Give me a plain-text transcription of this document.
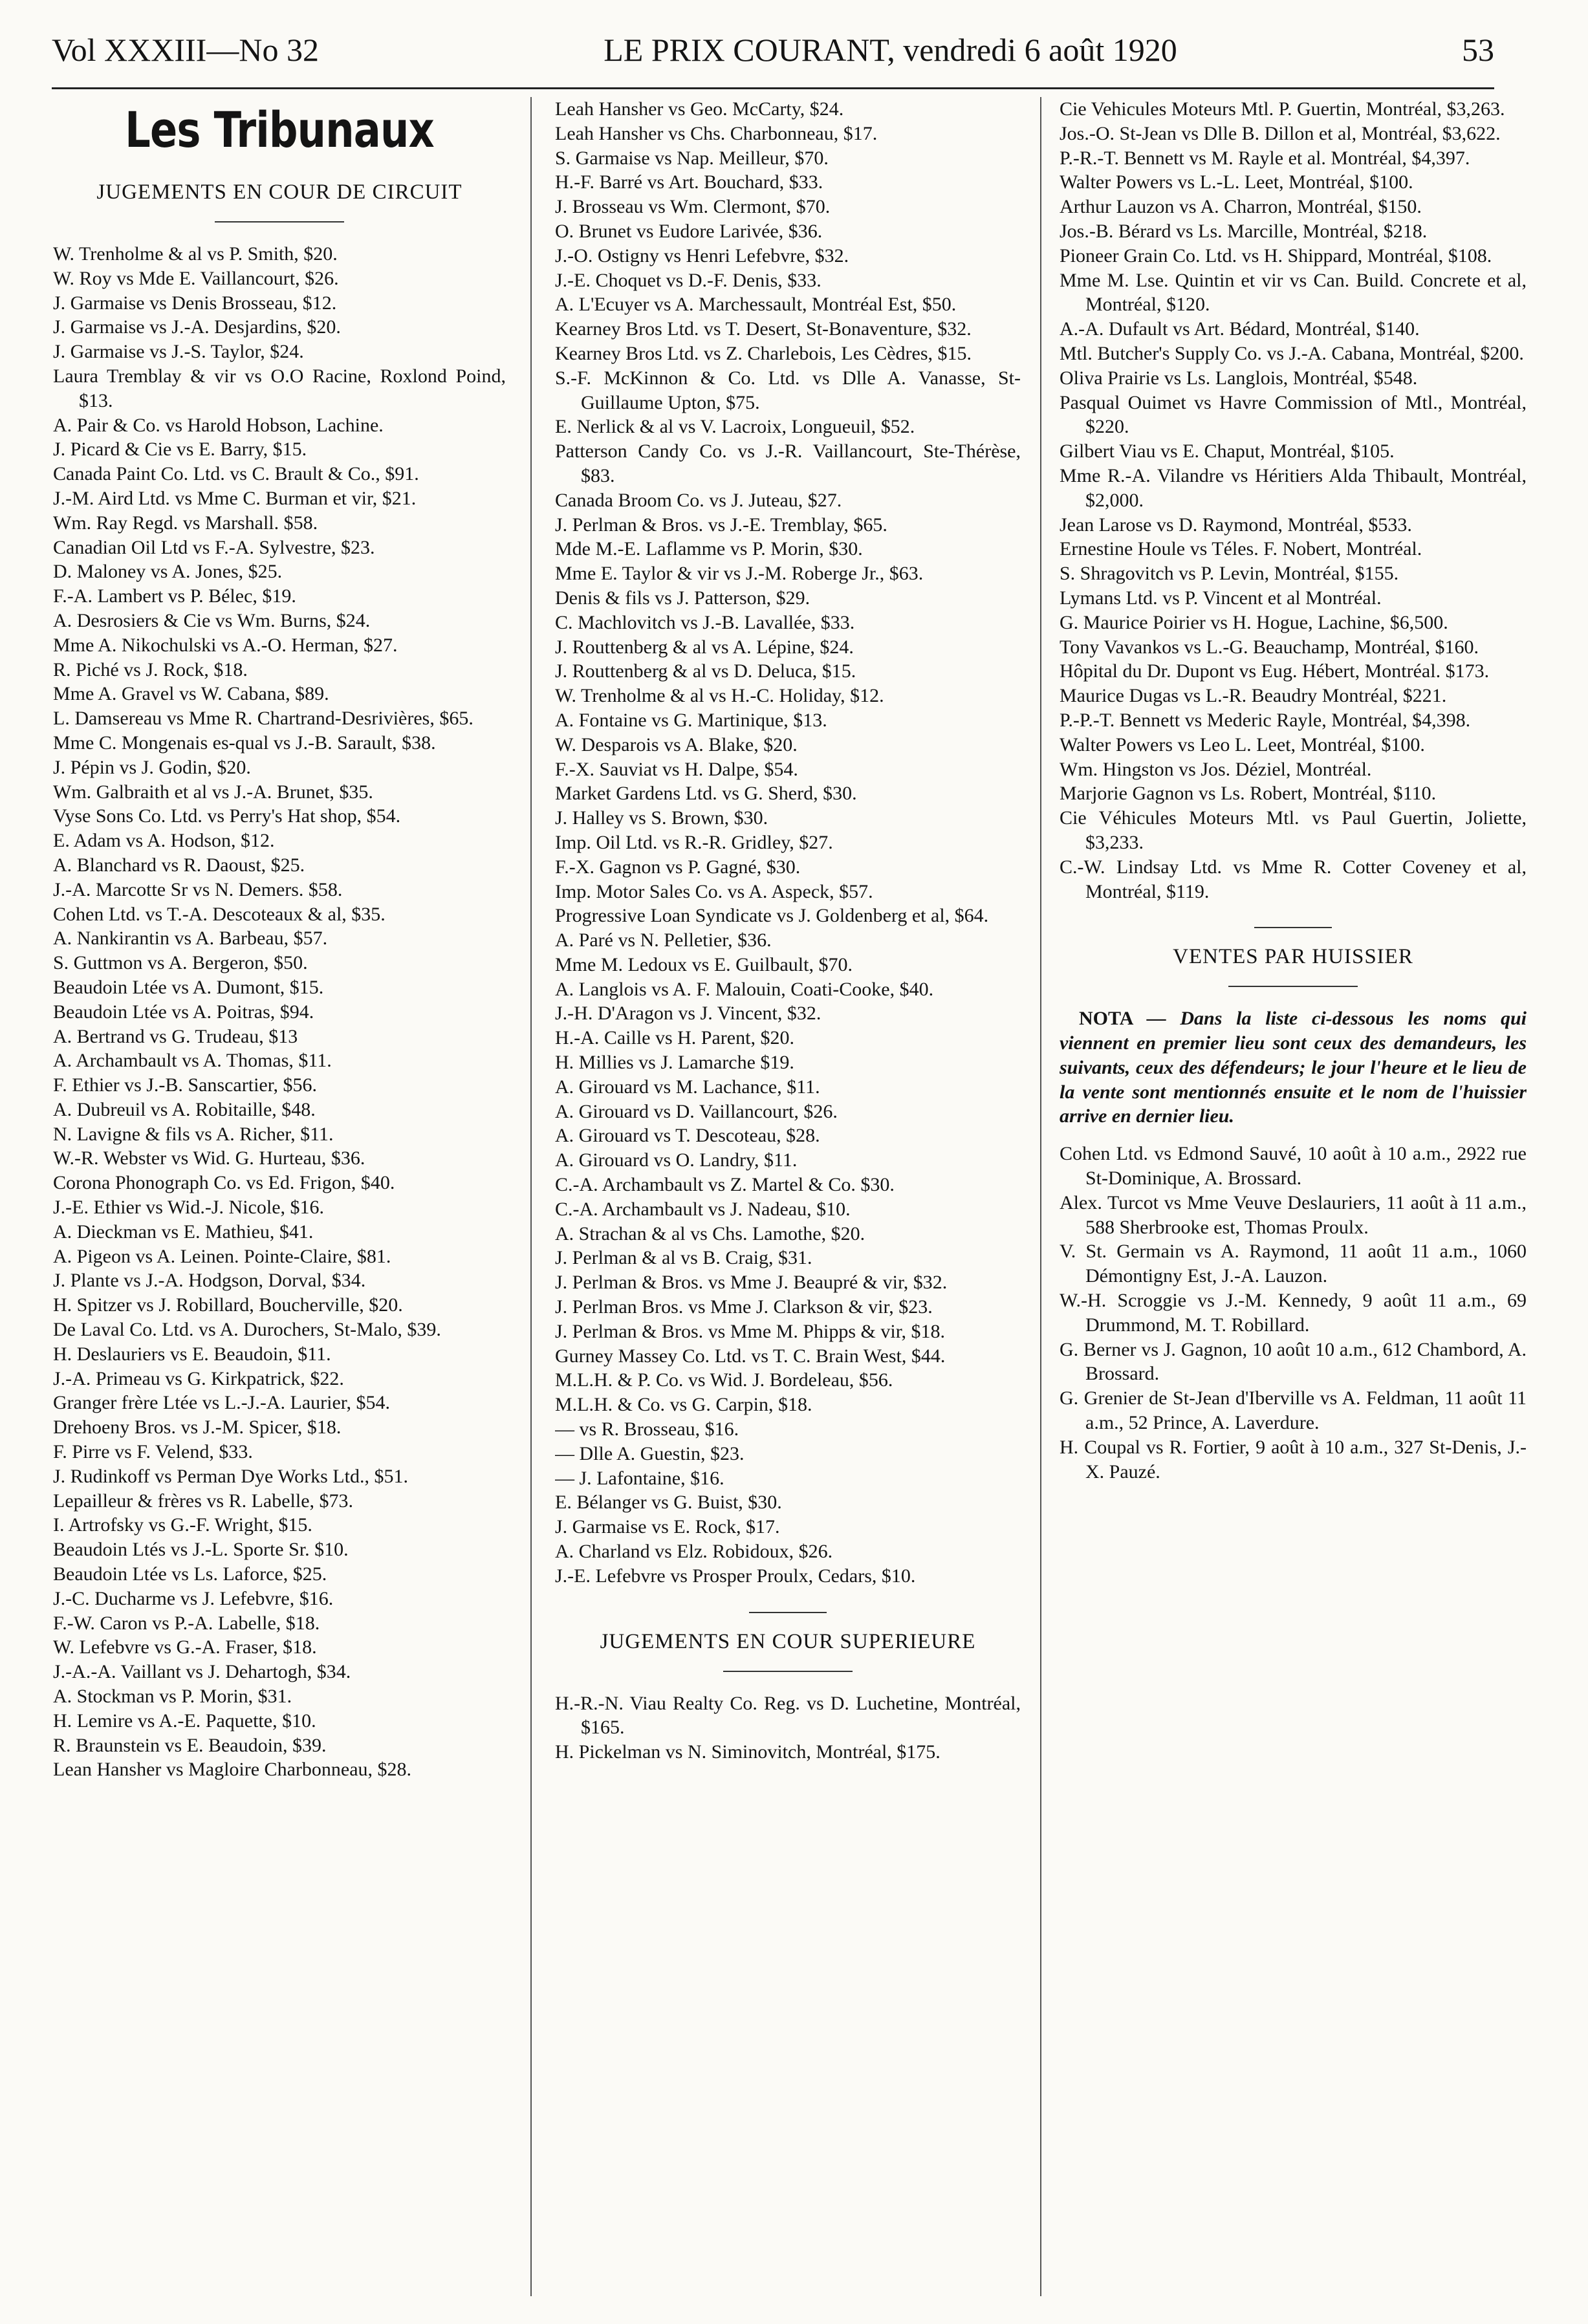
Vol XXXIII—No 32	LE PRIX COURANT, vendredi 6 août 1920	53
Les Tribunaux
JUGEMENTS EN COUR DE CIRCUIT

W. Trenholme & al vs P. Smith, $20.

W. Roy vs Mde E. Vaillancourt, $26.

J. Garmaise vs Denis Brosseau, $12.

J. Garmaise vs J.-A. Desjardins, $20.

J. Garmaise vs J.-S. Taylor, $24.

Laura Tremblay & vir vs O.O Racine, Roxlond Poind, $13.

A. Pair & Co. vs Harold Hobson, Lachine.

J. Picard & Cie vs E. Barry, $15.

Canada Paint Co. Ltd. vs C. Brault & Co., $91.

J.-M. Aird Ltd. vs Mme C. Burman et vir, $21.

Wm. Ray Regd. vs Marshall. $58.

Canadian Oil Ltd vs F.-A. Sylvestre, $23.

D. Maloney vs A. Jones, $25.

F.-A. Lambert vs P. Bélec, $19.

A. Desrosiers & Cie vs Wm. Burns, $24.

Mme A. Nikochulski vs A.-O. Herman, $27.

R. Piché vs J. Rock, $18.

Mme A. Gravel vs W. Cabana, $89.

L. Damsereau vs Mme R. Chartrand-Desrivières, $65.

Mme C. Mongenais es-qual vs J.-B. Sarault, $38.

J. Pépin vs J. Godin, $20.

Wm. Galbraith et al vs J.-A. Brunet, $35.

Vyse Sons Co. Ltd. vs Perry's Hat shop, $54.

E. Adam vs A. Hodson, $12.

A. Blanchard vs R. Daoust, $25.

J.-A. Marcotte Sr vs N. Demers. $58.

Cohen Ltd. vs T.-A. Descoteaux & al, $35.

A. Nankirantin vs A. Barbeau, $57.

S. Guttmon vs A. Bergeron, $50.

Beaudoin Ltée vs A. Dumont, $15.

Beaudoin Ltée vs A. Poitras, $94.

A. Bertrand vs G. Trudeau, $13

A. Archambault vs A. Thomas, $11.

F. Ethier vs J.-B. Sanscartier, $56.

A. Dubreuil vs A. Robitaille, $48.

N. Lavigne & fils vs A. Richer, $11.

W.-R. Webster vs Wid. G. Hurteau, $36.

Corona Phonograph Co. vs Ed. Frigon, $40.

J.-E. Ethier vs Wid.-J. Nicole, $16.

A. Dieckman vs E. Mathieu, $41.

A. Pigeon vs A. Leinen. Pointe-Claire, $81.

J. Plante vs J.-A. Hodgson, Dorval, $34.

H. Spitzer vs J. Robillard, Boucherville, $20.

De Laval Co. Ltd. vs A. Durochers, St-Malo, $39.

H. Deslauriers vs E. Beaudoin, $11.

J.-A. Primeau vs G. Kirkpatrick, $22.

Granger frère Ltée vs L.-J.-A. Laurier, $54.

Drehoeny Bros. vs J.-M. Spicer, $18.

F. Pirre vs F. Velend, $33.

J. Rudinkoff vs Perman Dye Works Ltd., $51.

Lepailleur & frères vs R. Labelle, $73.

I. Artrofsky vs G.-F. Wright, $15.

Beaudoin Ltés vs J.-L. Sporte Sr. $10.

Beaudoin Ltée vs Ls. Laforce, $25.

J.-C. Ducharme vs J. Lefebvre, $16.

F.-W. Caron vs P.-A. Labelle, $18.

W. Lefebvre vs G.-A. Fraser, $18.

J.-A.-A. Vaillant vs J. Dehartogh, $34.

A. Stockman vs P. Morin, $31.

H. Lemire vs A.-E. Paquette, $10.

R. Braunstein vs E. Beaudoin, $39.

Lean Hansher vs Magloire Charbonneau, $28.

Leah Hansher vs Geo. McCarty, $24.

Leah Hansher vs Chs. Charbonneau, $17.

S. Garmaise vs Nap. Meilleur, $70.

H.-F. Barré vs Art. Bouchard, $33.

J. Brosseau vs Wm. Clermont, $70.

O. Brunet vs Eudore Larivée, $36.

J.-O. Ostigny vs Henri Lefebvre, $32.

J.-E. Choquet vs D.-F. Denis, $33.

A. L'Ecuyer vs A. Marchessault, Montréal Est, $50.

Kearney Bros Ltd. vs T. Desert, St-Bonaventure, $32.

Kearney Bros Ltd. vs Z. Charlebois, Les Cèdres, $15.

S.-F. McKinnon & Co. Ltd. vs Dlle A. Vanasse, St-Guillaume Upton, $75.

E. Nerlick & al vs V. Lacroix, Longueuil, $52.

Patterson Candy Co. vs J.-R. Vaillancourt, Ste-Thérèse, $83.

Canada Broom Co. vs J. Juteau, $27.

J. Perlman & Bros. vs J.-E. Tremblay, $65.

Mde M.-E. Laflamme vs P. Morin, $30.

Mme E. Taylor & vir vs J.-M. Roberge Jr., $63.

Denis & fils vs J. Patterson, $29.

C. Machlovitch vs J.-B. Lavallée, $33.

J. Routtenberg & al vs A. Lépine, $24.

J. Routtenberg & al vs D. Deluca, $15.

W. Trenholme & al vs H.-C. Holiday, $12.

A. Fontaine vs G. Martinique, $13.

W. Desparois vs A. Blake, $20.

F.-X. Sauviat vs H. Dalpe, $54.

Market Gardens Ltd. vs G. Sherd, $30.

J. Halley vs S. Brown, $30.

Imp. Oil Ltd. vs R.-R. Gridley, $27.

F.-X. Gagnon vs P. Gagné, $30.

Imp. Motor Sales Co. vs A. Aspeck, $57.

Progressive Loan Syndicate vs J. Goldenberg et al, $64.

A. Paré vs N. Pelletier, $36.

Mme M. Ledoux vs E. Guilbault, $70.

A. Langlois vs A. F. Malouin, Coati-Cooke, $40.

J.-H. D'Aragon vs J. Vincent, $32.

H.-A. Caille vs H. Parent, $20.

H. Millies vs J. Lamarche $19.

A. Girouard vs M. Lachance, $11.

A. Girouard vs D. Vaillancourt, $26.

A. Girouard vs T. Descoteau, $28.

A. Girouard vs O. Landry, $11.

C.-A. Archambault vs Z. Martel & Co. $30.

C.-A. Archambault vs J. Nadeau, $10.

A. Strachan & al vs Chs. Lamothe, $20.

J. Perlman & al vs B. Craig, $31.

J. Perlman & Bros. vs Mme J. Beaupré & vir, $32.

J. Perlman Bros. vs Mme J. Clarkson & vir, $23.

J. Perlman & Bros. vs Mme M. Phipps & vir, $18.

Gurney Massey Co. Ltd. vs T. C. Brain West, $44.

M.L.H. & P. Co. vs Wid. J. Bordeleau, $56.

M.L.H. & Co. vs G. Carpin, $18.

— vs R. Brosseau, $16.

— Dlle A. Guestin, $23.

— J. Lafontaine, $16.

E. Bélanger vs G. Buist, $30.

J. Garmaise vs E. Rock, $17.

A. Charland vs Elz. Robidoux, $26.

J.-E. Lefebvre vs Prosper Proulx, Cedars, $10.

JUGEMENTS EN COUR SUPERIEURE

H.-R.-N. Viau Realty Co. Reg. vs D. Luchetine, Montréal, $165.

H. Pickelman vs N. Siminovitch, Montréal, $175.

Cie Vehicules Moteurs Mtl. P. Guertin, Montréal, $3,263.

Jos.-O. St-Jean vs Dlle B. Dillon et al, Montréal, $3,622.

P.-R.-T. Bennett vs M. Rayle et al. Montréal, $4,397.

Walter Powers vs L.-L. Leet, Montréal, $100.

Arthur Lauzon vs A. Charron, Montréal, $150.

Jos.-B. Bérard vs Ls. Marcille, Montréal, $218.

Pioneer Grain Co. Ltd. vs H. Shippard, Montréal, $108.

Mme M. Lse. Quintin et vir vs Can. Build. Concrete et al, Montréal, $120.

A.-A. Dufault vs Art. Bédard, Montréal, $140.

Mtl. Butcher's Supply Co. vs J.-A. Cabana, Montréal, $200.

Oliva Prairie vs Ls. Langlois, Montréal, $548.

Pasqual Ouimet vs Havre Commission of Mtl., Montréal, $220.

Gilbert Viau vs E. Chaput, Montréal, $105.

Mme R.-A. Vilandre vs Héritiers Alda Thibault, Montréal, $2,000.

Jean Larose vs D. Raymond, Montréal, $533.

Ernestine Houle vs Téles. F. Nobert, Montréal.

S. Shragovitch vs P. Levin, Montréal, $155.

Lymans Ltd. vs P. Vincent et al Montréal.

G. Maurice Poirier vs H. Hogue, Lachine, $6,500.

Tony Vavankos vs L.-G. Beauchamp, Montréal, $160.

Hôpital du Dr. Dupont vs Eug. Hébert, Montréal. $173.

Maurice Dugas vs L.-R. Beaudry Montréal, $221.

P.-P.-T. Bennett vs Mederic Rayle, Montréal, $4,398.

Walter Powers vs Leo L. Leet, Montréal, $100.

Wm. Hingston vs Jos. Déziel, Montréal.

Marjorie Gagnon vs Ls. Robert, Montréal, $110.

Cie Véhicules Moteurs Mtl. vs Paul Guertin, Joliette, $3,233.

C.-W. Lindsay Ltd. vs Mme R. Cotter Coveney et al, Montréal, $119.

VENTES PAR HUISSIER

NOTA — Dans la liste ci-dessous les noms qui viennent en premier lieu sont ceux des demandeurs, les suivants, ceux des défendeurs; le jour l'heure et le lieu de la vente sont mentionnés ensuite et le nom de l'huissier arrive en dernier lieu.

Cohen Ltd. vs Edmond Sauvé, 10 août à 10 a.m., 2922 rue St-Dominique, A. Brossard.

Alex. Turcot vs Mme Veuve Deslauriers, 11 août à 11 a.m., 588 Sherbrooke est, Thomas Proulx.

V. St. Germain vs A. Raymond, 11 août 11 a.m., 1060 Démontigny Est, J.-A. Lauzon.

W.-H. Scroggie vs J.-M. Kennedy, 9 août 11 a.m., 69 Drummond, M. T. Robillard.

G. Berner vs J. Gagnon, 10 août 10 a.m., 612 Chambord, A. Brossard.

G. Grenier de St-Jean d'Iberville vs A. Feldman, 11 août 11 a.m., 52 Prince, A. Laverdure.

H. Coupal vs R. Fortier, 9 août à 10 a.m., 327 St-Denis, J.-X. Pauzé.
